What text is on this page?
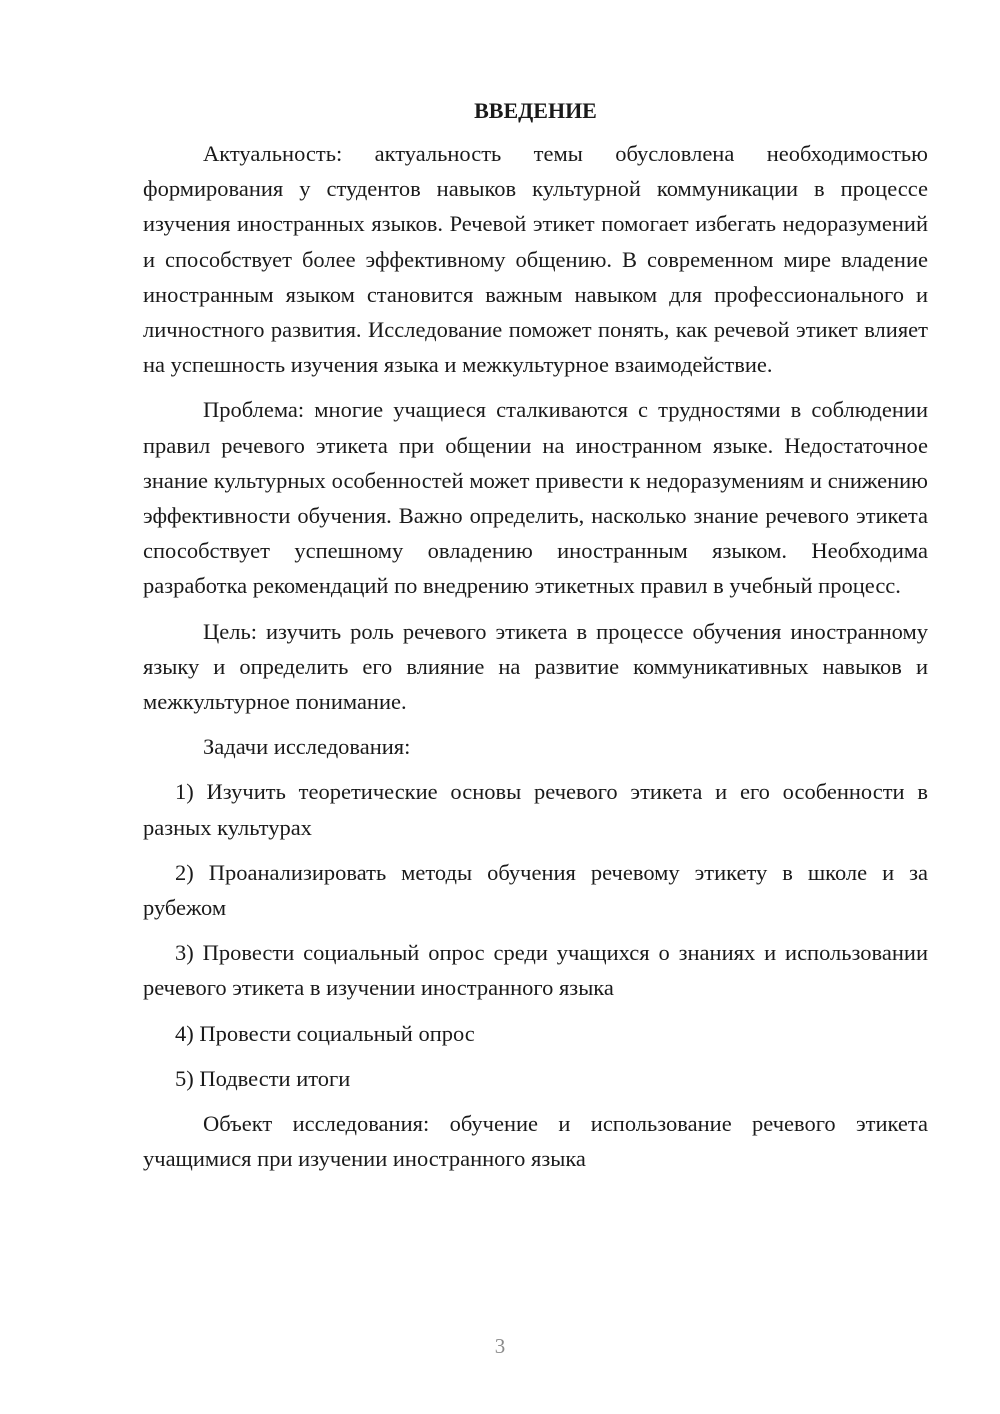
ВВЕДЕНИЕ

Актуальность: актуальность темы обусловлена необходимостью формирования у студентов навыков культурной коммуникации в процессе изучения иностранных языков. Речевой этикет помогает избегать недоразумений и способствует более эффективному общению. В современном мире владение иностранным языком становится важным навыком для профессионального и личностного развития. Исследование поможет понять, как речевой этикет влияет на успешность изучения языка и межкультурное взаимодействие.

Проблема: многие учащиеся сталкиваются с трудностями в соблюдении правил речевого этикета при общении на иностранном языке. Недостаточное знание культурных особенностей может привести к недоразумениям и снижению эффективности обучения. Важно определить, насколько знание речевого этикета способствует успешному овладению иностранным языком. Необходима разработка рекомендаций по внедрению этикетных правил в учебный процесс.

Цель: изучить роль речевого этикета в процессе обучения иностранному языку и определить его влияние на развитие коммуникативных навыков и межкультурное понимание.

Задачи исследования:

1) Изучить теоретические основы речевого этикета и его особенности в разных культурах

2) Проанализировать методы обучения речевому этикету в школе и за рубежом

3) Провести социальный опрос среди учащихся о знаниях и использовании речевого этикета в изучении иностранного языка

4) Провести социальный опрос

5) Подвести итоги

Объект исследования: обучение и использование речевого этикета учащимися при изучении иностранного языка

3
